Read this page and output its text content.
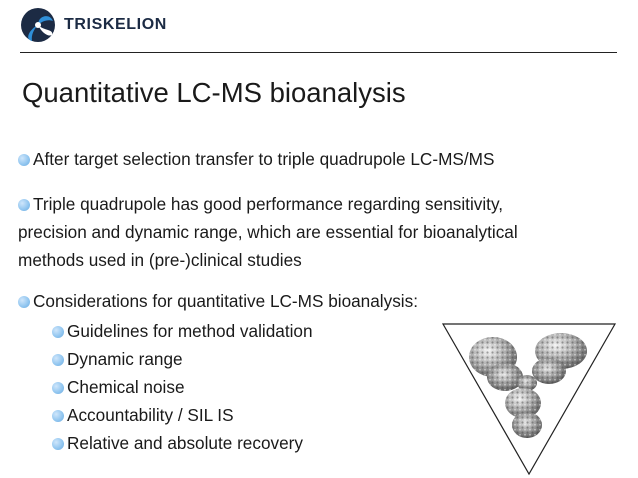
TRISKELION
Quantitative LC-MS bioanalysis
After target selection transfer to triple quadrupole LC-MS/MS
Triple quadrupole has good performance regarding sensitivity,
precision and dynamic range, which are essential for bioanalytical
methods used in (pre-)clinical studies
Considerations for quantitative LC-MS bioanalysis:
Guidelines for method validation
Dynamic range
Chemical noise
Accountability / SIL IS
Relative and absolute recovery
